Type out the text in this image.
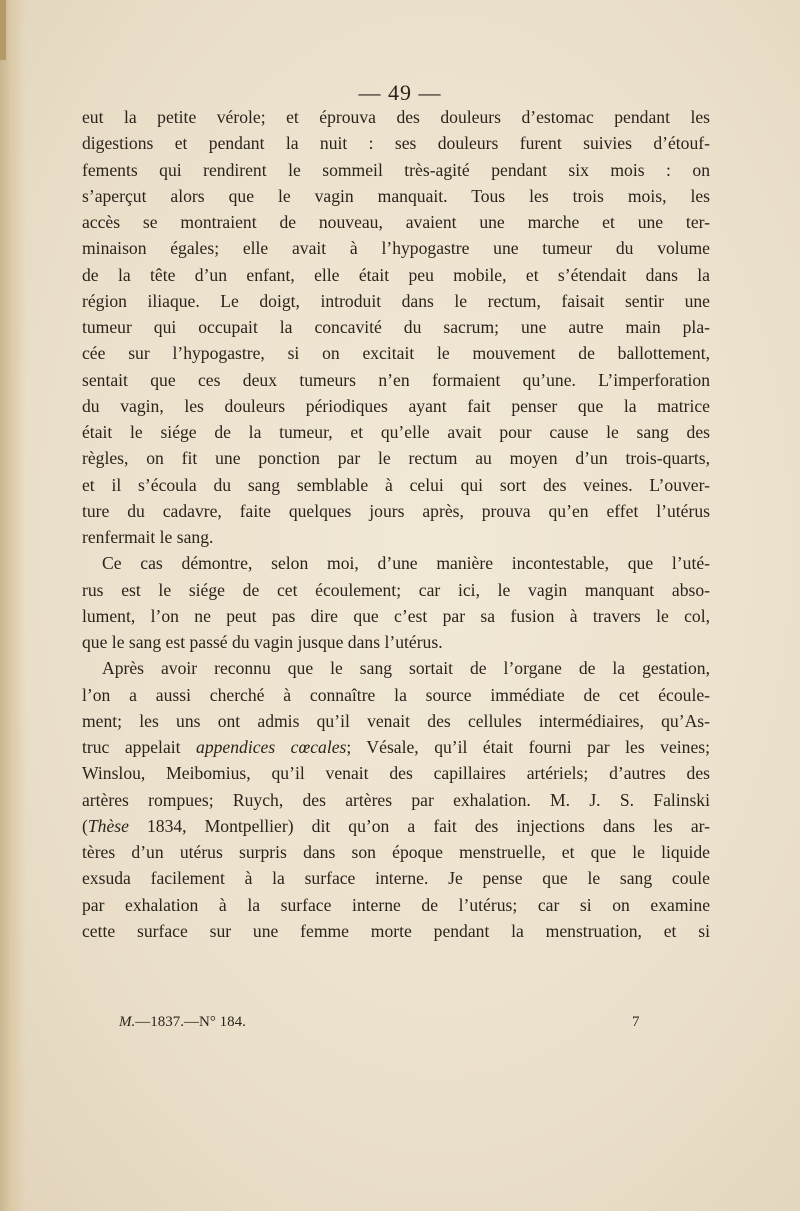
— 49 —
eut la petite vérole; et éprouva des douleurs d’estomac pendant les
digestions et pendant la nuit : ses douleurs furent suivies d’étouf-
fements qui rendirent le sommeil très-agité pendant six mois : on
s’aperçut alors que le vagin manquait. Tous les trois mois, les
accès se montraient de nouveau, avaient une marche et une ter-
minaison égales; elle avait à l’hypogastre une tumeur du volume
de la tête d’un enfant, elle était peu mobile, et s’étendait dans la
région iliaque. Le doigt, introduit dans le rectum, faisait sentir une
tumeur qui occupait la concavité du sacrum; une autre main pla-
cée sur l’hypogastre, si on excitait le mouvement de ballottement,
sentait que ces deux tumeurs n’en formaient qu’une. L’imperforation
du vagin, les douleurs périodiques ayant fait penser que la matrice
était le siége de la tumeur, et qu’elle avait pour cause le sang des
règles, on fit une ponction par le rectum au moyen d’un trois-quarts,
et il s’écoula du sang semblable à celui qui sort des veines. L’ouver-
ture du cadavre, faite quelques jours après, prouva qu’en effet l’utérus
renfermait le sang.
Ce cas démontre, selon moi, d’une manière incontestable, que l’uté-
rus est le siége de cet écoulement; car ici, le vagin manquant abso-
lument, l’on ne peut pas dire que c’est par sa fusion à travers le col,
que le sang est passé du vagin jusque dans l’utérus.
Après avoir reconnu que le sang sortait de l’organe de la gestation,
l’on a aussi cherché à connaître la source immédiate de cet écoule-
ment; les uns ont admis qu’il venait des cellules intermédiaires, qu’As-
truc appelait appendices cœcales; Vésale, qu’il était fourni par les veines;
Winslou, Meibomius, qu’il venait des capillaires artériels; d’autres des
artères rompues; Ruych, des artères par exhalation. M. J. S. Falinski
(Thèse 1834, Montpellier) dit qu’on a fait des injections dans les ar-
tères d’un utérus surpris dans son époque menstruelle, et que le liquide
exsuda facilement à la surface interne. Je pense que le sang coule
par exhalation à la surface interne de l’utérus; car si on examine
cette surface sur une femme morte pendant la menstruation, et si
M.—1837.—N° 184.	7
